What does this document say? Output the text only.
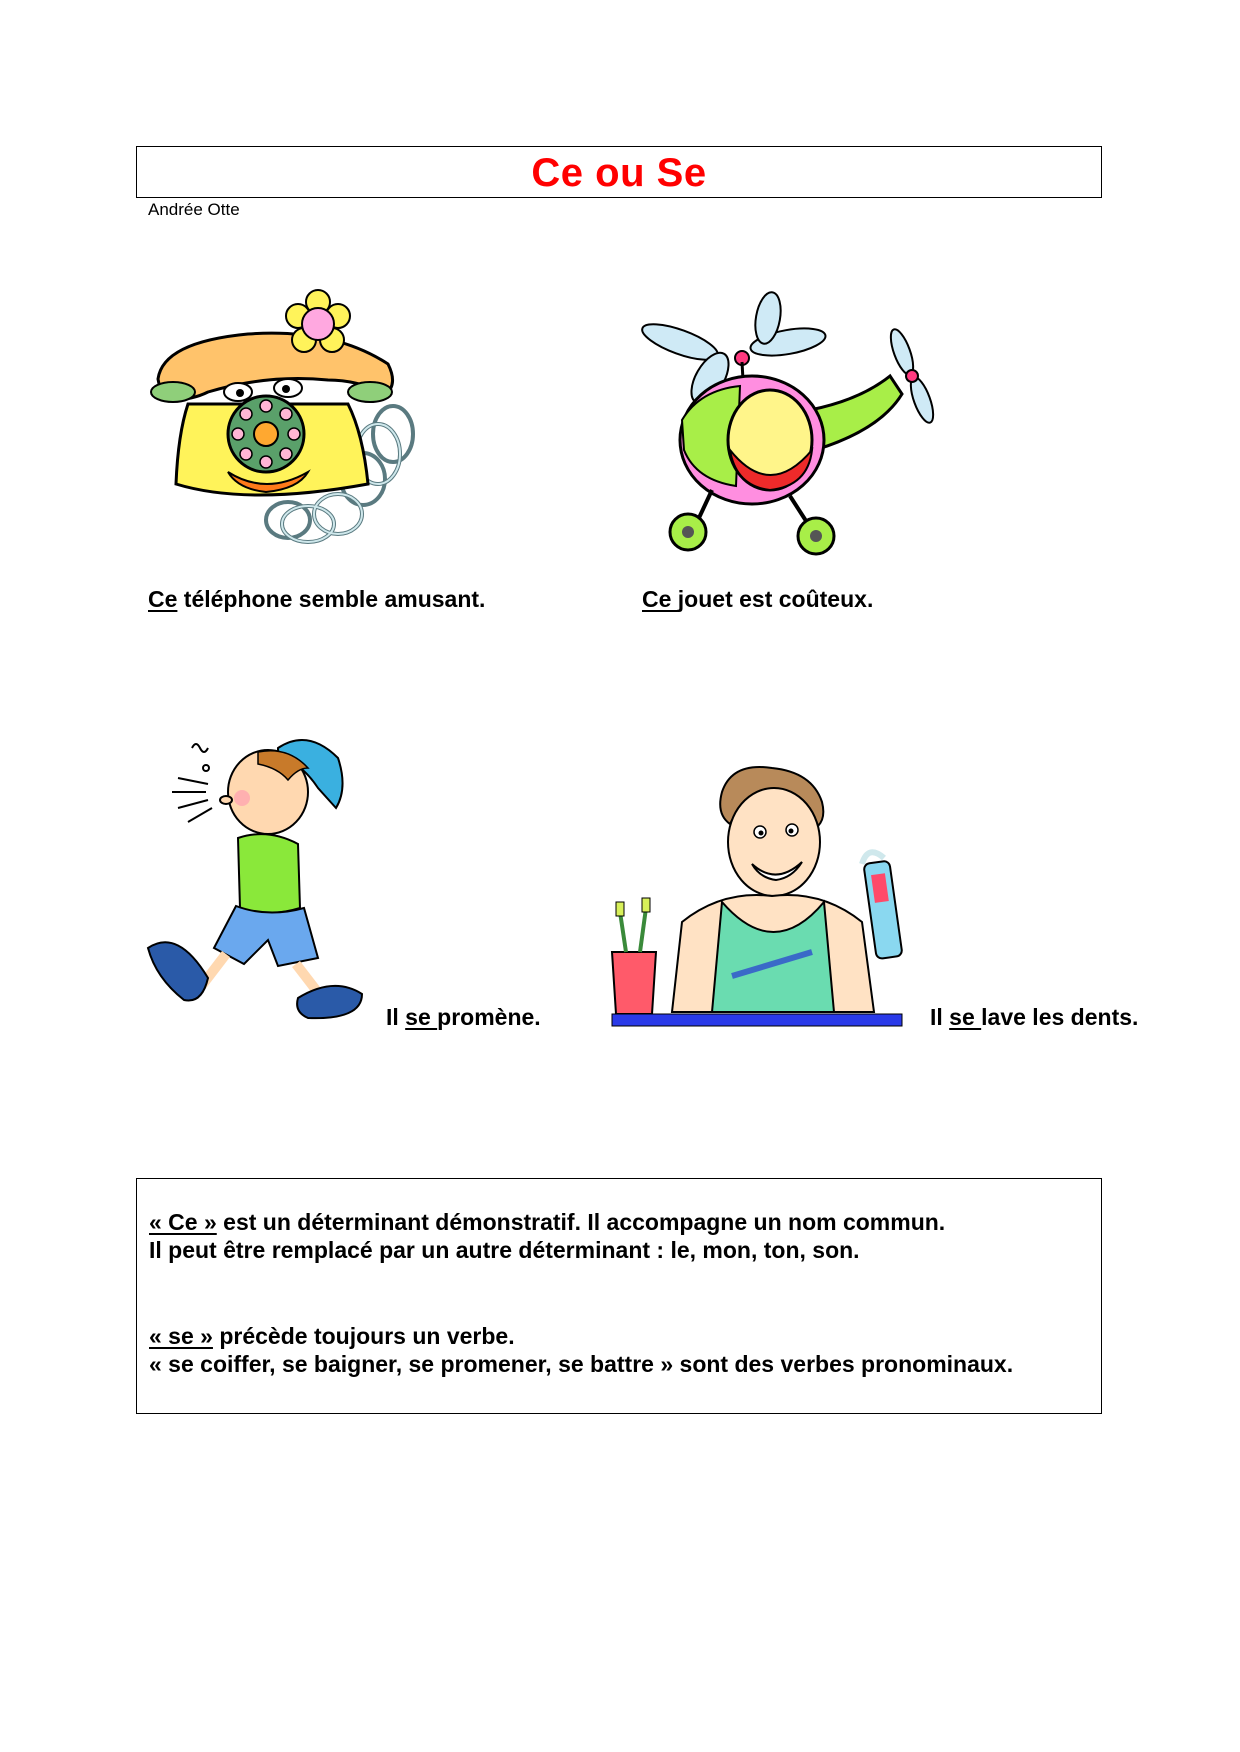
Ce ou Se
Andrée Otte
Ce téléphone semble amusant.	Ce jouet est coûteux.
Il se promène.	Il se lave les dents.
« Ce » est un déterminant démonstratif. Il accompagne un nom commun.
Il peut être remplacé par un autre déterminant : le, mon, ton, son.
« se » précède toujours un verbe.
« se coiffer, se baigner, se promener, se battre » sont des verbes pronominaux.
